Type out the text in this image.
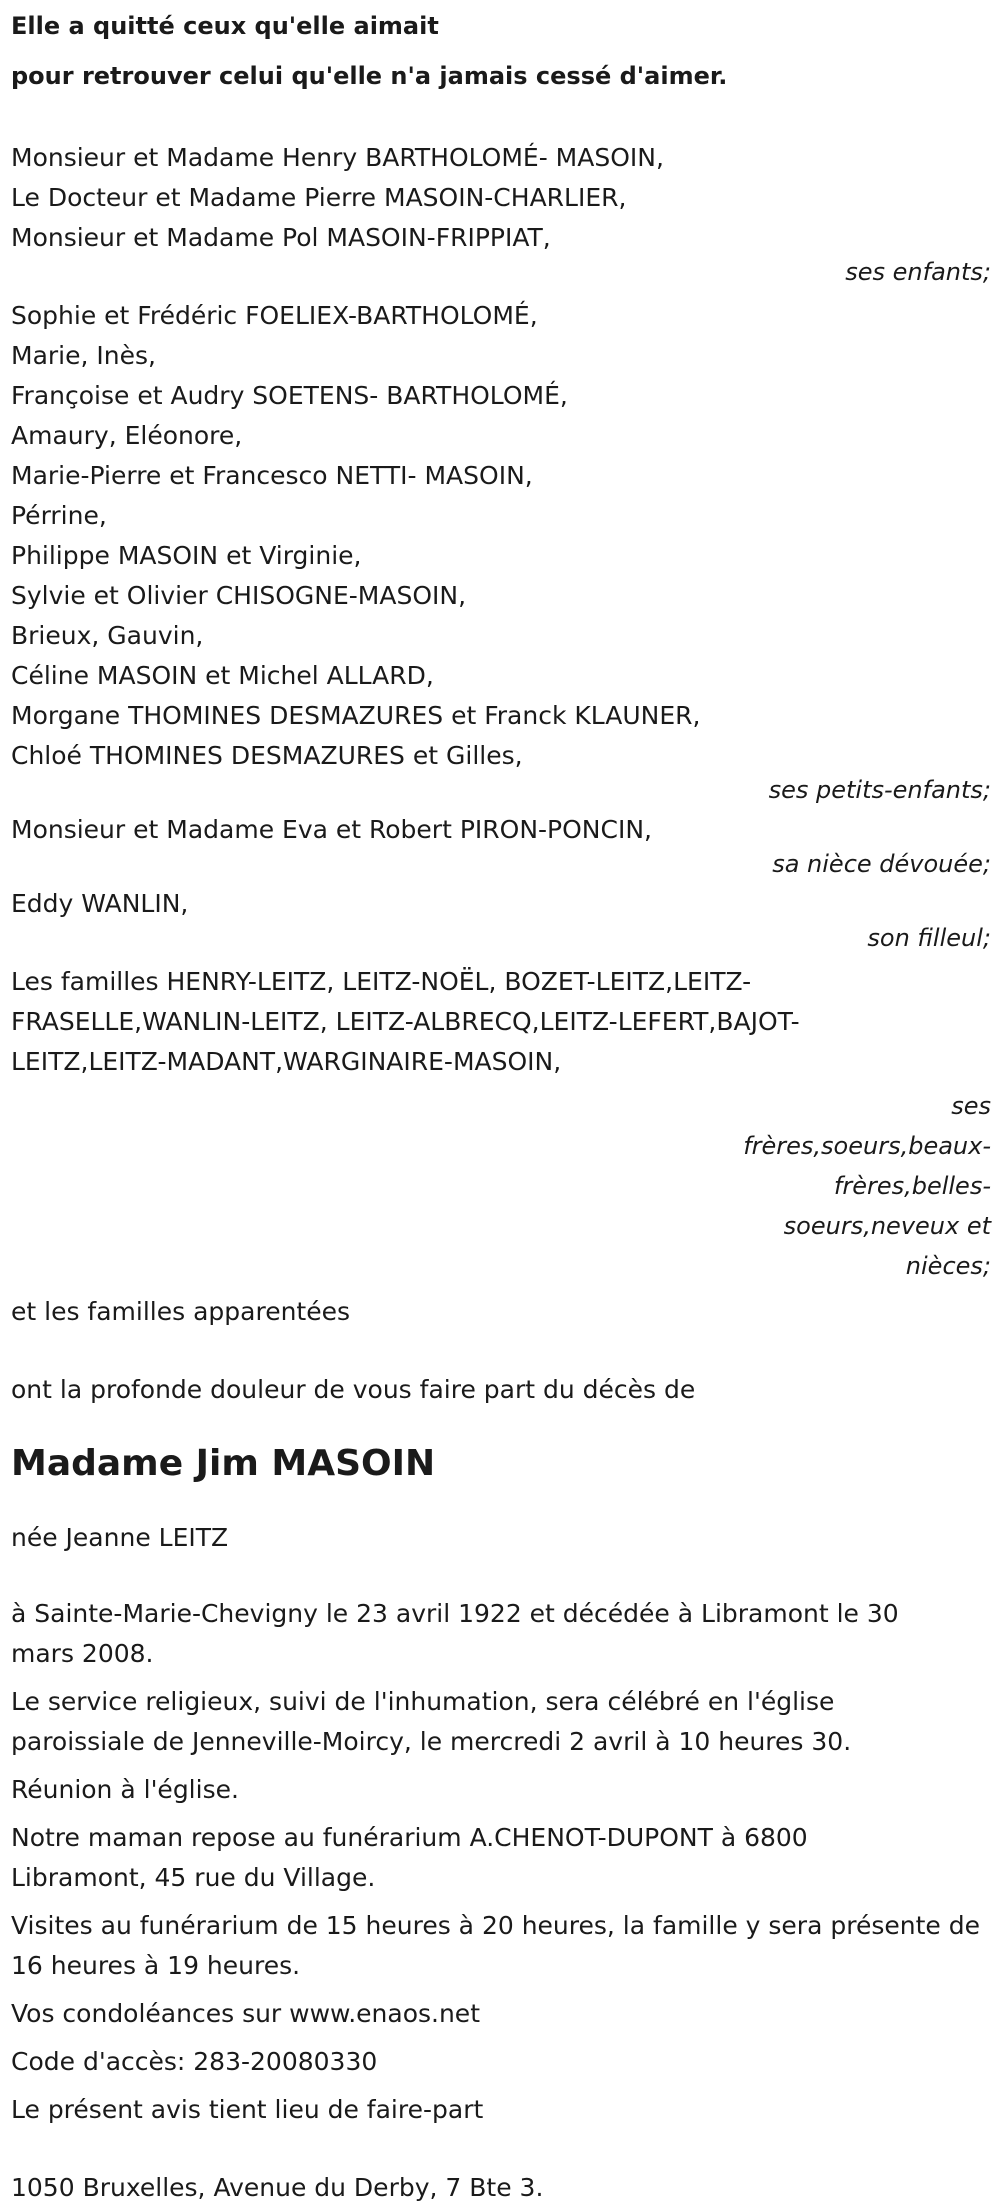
Elle a quitté ceux qu'elle aimait

pour retrouver celui qu'elle n'a jamais cessé d'aimer.

Monsieur et Madame Henry BARTHOLOMÉ- MASOIN,
Le Docteur et Madame Pierre MASOIN-CHARLIER,
Monsieur et Madame Pol MASOIN-FRIPPIAT,
ses enfants;
Sophie et Frédéric FOELIEX-BARTHOLOMÉ,
Marie, Inès,
Françoise et Audry SOETENS- BARTHOLOMÉ,
Amaury, Eléonore,
Marie-Pierre et Francesco NETTI- MASOIN,
Pérrine,
Philippe MASOIN et Virginie,
Sylvie et Olivier CHISOGNE-MASOIN,
Brieux, Gauvin,
Céline MASOIN et Michel ALLARD,
Morgane THOMINES DESMAZURES et Franck KLAUNER,
Chloé THOMINES DESMAZURES et Gilles,
ses petits-enfants;
Monsieur et Madame Eva et Robert PIRON-PONCIN,
sa nièce dévouée;
Eddy WANLIN,
son filleul;
Les familles HENRY-LEITZ, LEITZ-NOËL, BOZET-LEITZ,LEITZ-
FRASELLE,WANLIN-LEITZ, LEITZ-ALBRECQ,LEITZ-LEFERT,BAJOT-
LEITZ,LEITZ-MADANT,WARGINAIRE-MASOIN,
ses
frères,soeurs,beaux-
frères,belles-
soeurs,neveux et
nièces;

et les familles apparentées

ont la profonde douleur de vous faire part du décès de

Madame Jim MASOIN

née Jeanne LEITZ

à Sainte-Marie-Chevigny le 23 avril 1922 et décédée à Libramont le 30 mars 2008.

Le service religieux, suivi de l'inhumation, sera célébré en l'église paroissiale de Jenneville-Moircy, le mercredi 2 avril à 10 heures 30.

Réunion à l'église.

Notre maman repose au funérarium A.CHENOT-DUPONT à 6800 Libramont, 45 rue du Village.

Visites au funérarium de 15 heures à 20 heures, la famille y sera présente de 16 heures à 19 heures.

Vos condoléances sur www.enaos.net

Code d'accès: 283-20080330

Le présent avis tient lieu de faire-part

1050 Bruxelles, Avenue du Derby, 7 Bte 3.
